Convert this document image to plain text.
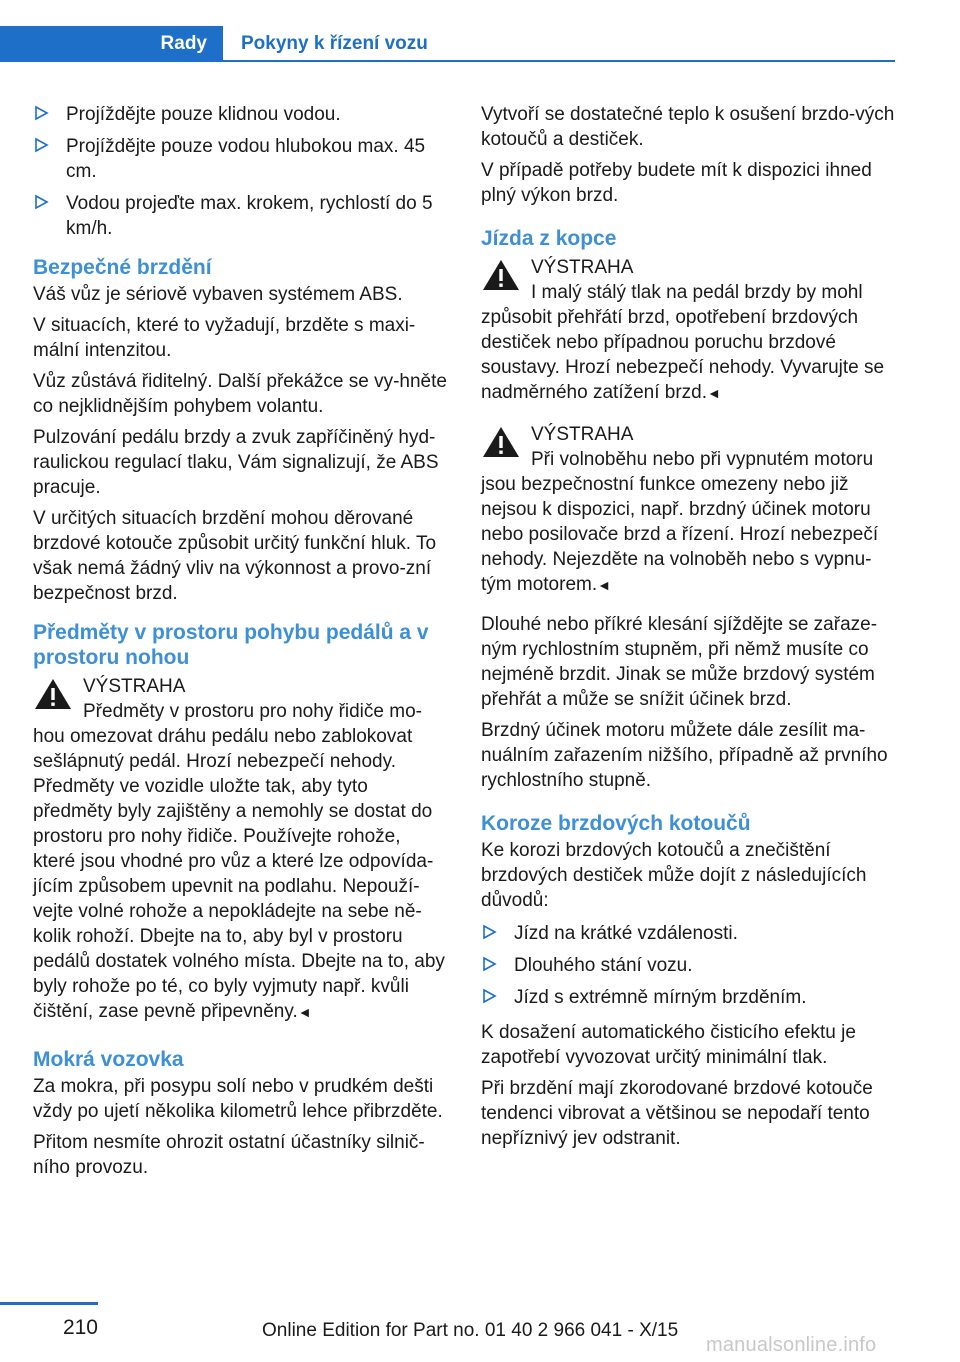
Rady Pokyny k řízení vozu
Projíždějte pouze klidnou vodou.
Projíždějte pouze vodou hlubokou max. 45 cm.
Vodou projeďte max. krokem, rychlostí do 5 km/h.
Bezpečné brzdění

Váš vůz je sériově vybaven systémem ABS.

V situacích, které to vyžadují, brzděte s maxi‐mální intenzitou.

Vůz zůstává řiditelný. Další překážce se vy‐hněte co nejklidnějším pohybem volantu.

Pulzování pedálu brzdy a zvuk zapříčiněný hyd‐raulickou regulací tlaku, Vám signalizují, že ABS pracuje.

V určitých situacích brzdění mohou děrované brzdové kotouče způsobit určitý funkční hluk. To však nemá žádný vliv na výkonnost a provo‐zní bezpečnost brzd.

Předměty v prostoru pohybu pedálů a v prostoru nohou
VÝSTRAHA
Předměty v prostoru pro nohy řidiče mo‐hou omezovat dráhu pedálu nebo zablokovat sešlápnutý pedál. Hrozí nebezpečí nehody. Předměty ve vozidle uložte tak, aby tyto předměty byly zajištěny a nemohly se dostat do prostoru pro nohy řidiče. Používejte rohože, které jsou vhodné pro vůz a které lze odpovída‐jícím způsobem upevnit na podlahu. Nepouží‐vejte volné rohože a nepokládejte na sebe ně‐kolik rohoží. Dbejte na to, aby byl v prostoru pedálů dostatek volného místa. Dbejte na to, aby byly rohože po té, co byly vyjmuty např. kvůli čištění, zase pevně připevněny.◄
Mokrá vozovka

Za mokra, při posypu solí nebo v prudkém dešti vždy po ujetí několika kilometrů lehce přibrzděte.

Přitom nesmíte ohrozit ostatní účastníky silnič‐ního provozu.

Vytvoří se dostatečné teplo k osušení brzdo‐vých kotoučů a destiček.

V případě potřeby budete mít k dispozici ihned plný výkon brzd.

Jízda z kopce
VÝSTRAHA
I malý stálý tlak na pedál brzdy by mohl způsobit přehřátí brzd, opotřebení brzdových destiček nebo případnou poruchu brzdové soustavy. Hrozí nebezpečí nehody. Vyvarujte se nadměrného zatížení brzd.◄
VÝSTRAHA
Při volnoběhu nebo při vypnutém motoru jsou bezpečnostní funkce omezeny nebo již nejsou k dispozici, např. brzdný účinek motoru nebo posilovače brzd a řízení. Hrozí nebezpečí nehody. Nejezděte na volnoběh nebo s vypnu‐tým motorem.◄

Dlouhé nebo příkré klesání sjíždějte se zařaze‐ným rychlostním stupněm, při němž musíte co nejméně brzdit. Jinak se může brzdový systém přehřát a může se snížit účinek brzd.

Brzdný účinek motoru můžete dále zesílit ma‐nuálním zařazením nižšího, případně až prvního rychlostního stupně.

Koroze brzdových kotoučů

Ke korozi brzdových kotoučů a znečištění brzdových destiček může dojít z následujících důvodů:

Jízd na krátké vzdálenosti.
Dlouhého stání vozu.
Jízd s extrémně mírným brzděním.

K dosažení automatického čisticího efektu je zapotřebí vyvozovat určitý minimální tlak.

Při brzdění mají zkorodované brzdové kotouče tendenci vibrovat a většinou se nepodaří tento nepříznivý jev odstranit.

210	Online Edition for Part no. 01 40 2 966 041 - X/15
manualsonline.info
